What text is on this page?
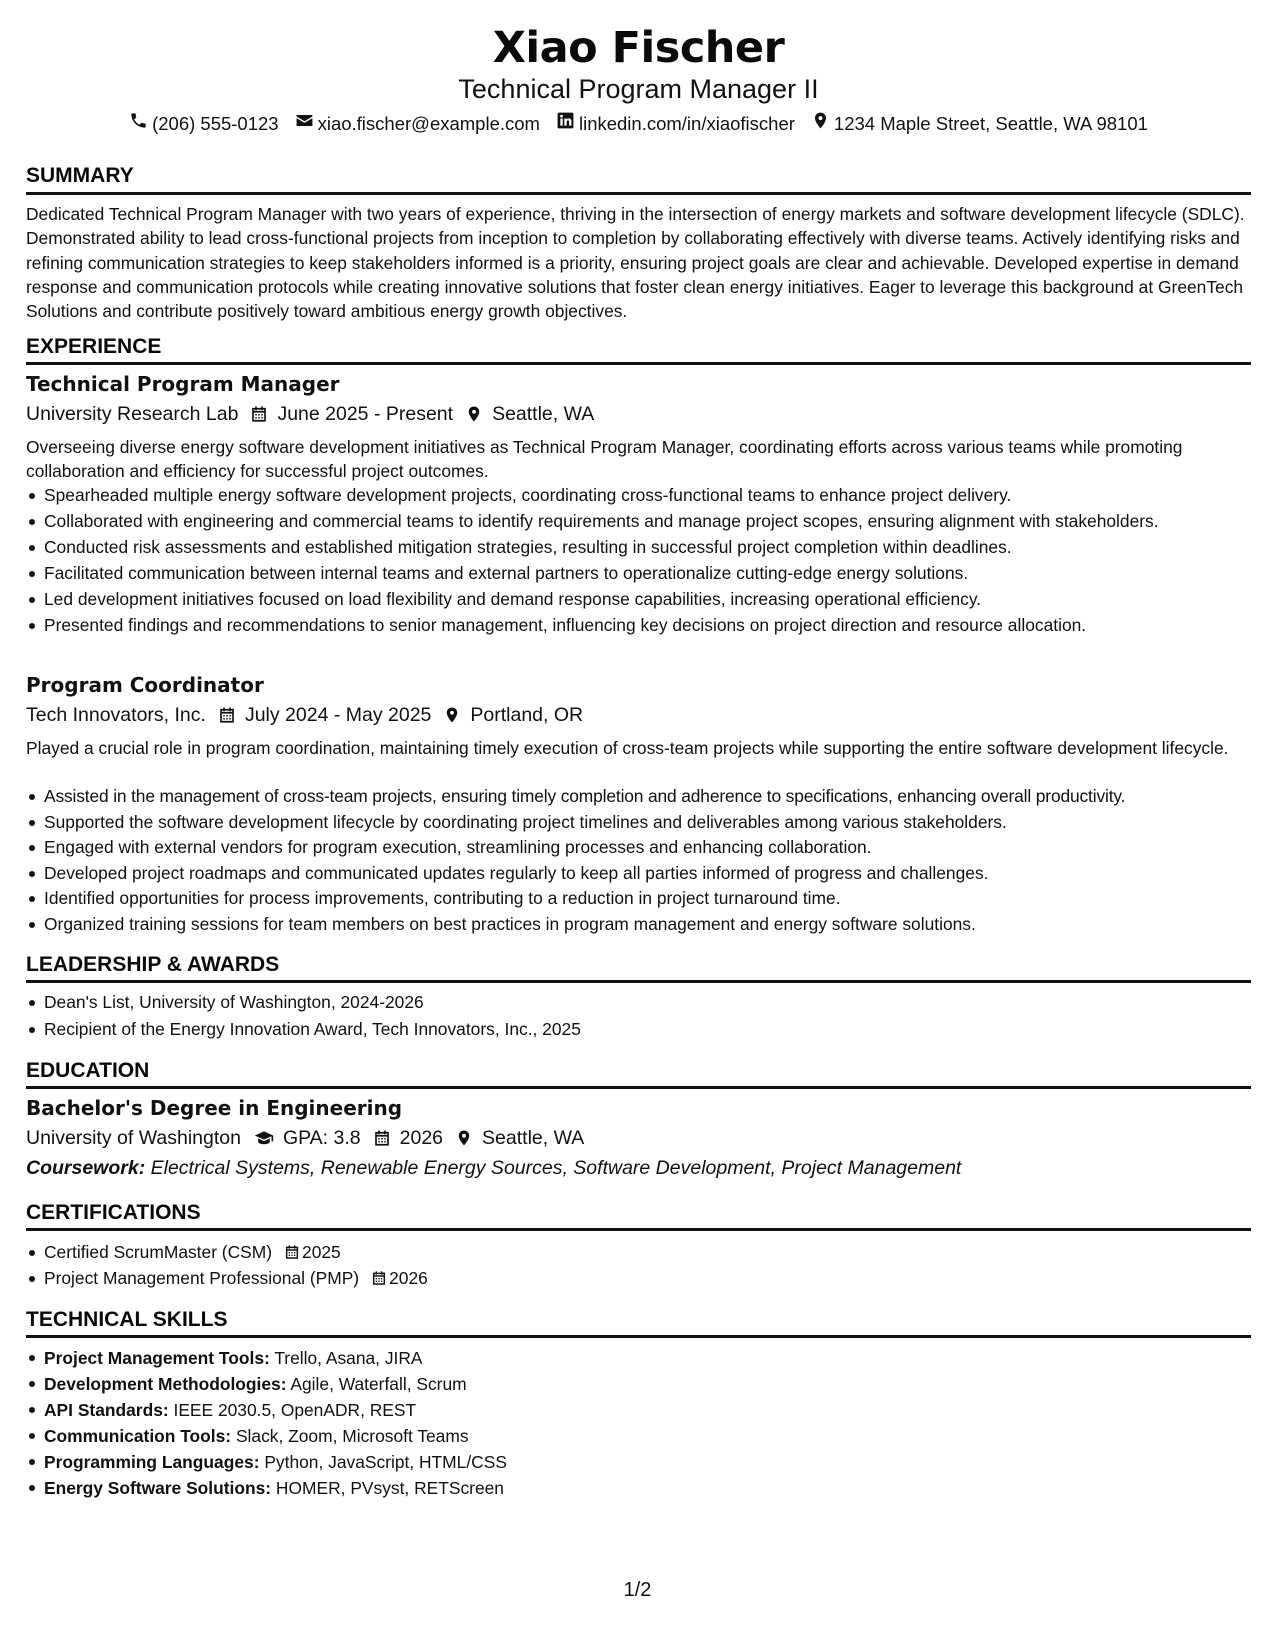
Xiao Fischer
Technical Program Manager II
(206) 555-0123 xiao.fischer@example.com linkedin.com/in/xiaofischer 1234 Maple Street, Seattle, WA 98101
SUMMARY
Dedicated Technical Program Manager with two years of experience, thriving in the intersection of energy markets and software development lifecycle (SDLC). Demonstrated ability to lead cross-functional projects from inception to completion by collaborating effectively with diverse teams. Actively identifying risks and refining communication strategies to keep stakeholders informed is a priority, ensuring project goals are clear and achievable. Developed expertise in demand response and communication protocols while creating innovative solutions that foster clean energy initiatives. Eager to leverage this background at GreenTech Solutions and contribute positively toward ambitious energy growth objectives.
EXPERIENCE
Technical Program Manager
University Research Lab June 2025 - Present Seattle, WA
Overseeing diverse energy software development initiatives as Technical Program Manager, coordinating efforts across various teams while promoting collaboration and efficiency for successful project outcomes.
Spearheaded multiple energy software development projects, coordinating cross-functional teams to enhance project delivery.
Collaborated with engineering and commercial teams to identify requirements and manage project scopes, ensuring alignment with stakeholders.
Conducted risk assessments and established mitigation strategies, resulting in successful project completion within deadlines.
Facilitated communication between internal teams and external partners to operationalize cutting-edge energy solutions.
Led development initiatives focused on load flexibility and demand response capabilities, increasing operational efficiency.
Presented findings and recommendations to senior management, influencing key decisions on project direction and resource allocation.
Program Coordinator
Tech Innovators, Inc. July 2024 - May 2025 Portland, OR
Played a crucial role in program coordination, maintaining timely execution of cross-team projects while supporting the entire software development lifecycle.
Assisted in the management of cross-team projects, ensuring timely completion and adherence to specifications, enhancing overall productivity.
Supported the software development lifecycle by coordinating project timelines and deliverables among various stakeholders.
Engaged with external vendors for program execution, streamlining processes and enhancing collaboration.
Developed project roadmaps and communicated updates regularly to keep all parties informed of progress and challenges.
Identified opportunities for process improvements, contributing to a reduction in project turnaround time.
Organized training sessions for team members on best practices in program management and energy software solutions.
LEADERSHIP & AWARDS
Dean's List, University of Washington, 2024-2026
Recipient of the Energy Innovation Award, Tech Innovators, Inc., 2025
EDUCATION
Bachelor's Degree in Engineering
University of Washington GPA: 3.8 2026 Seattle, WA
Coursework: Electrical Systems, Renewable Energy Sources, Software Development, Project Management
CERTIFICATIONS
Certified ScrumMaster (CSM) 2025
Project Management Professional (PMP) 2026
TECHNICAL SKILLS
Project Management Tools: Trello, Asana, JIRA
Development Methodologies: Agile, Waterfall, Scrum
API Standards: IEEE 2030.5, OpenADR, REST
Communication Tools: Slack, Zoom, Microsoft Teams
Programming Languages: Python, JavaScript, HTML/CSS
Energy Software Solutions: HOMER, PVsyst, RETScreen
1/2
